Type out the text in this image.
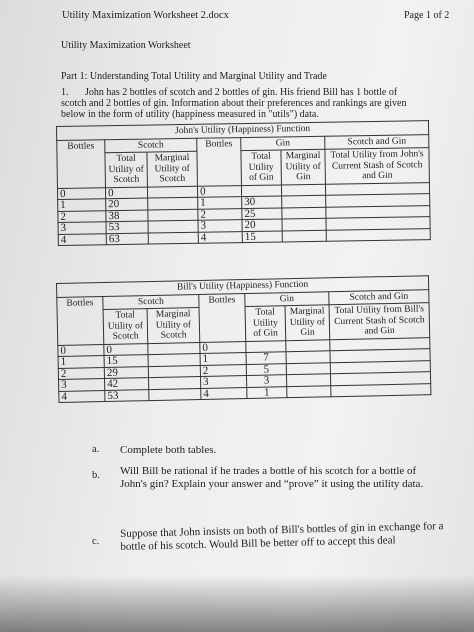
Utility Maximization Worksheet 2.docx	Page 1 of 2
Utility Maximization Worksheet
Part 1: Understanding Total Utility and Marginal Utility and Trade
1. John has 2 bottles of scotch and 2 bottles of gin. His friend Bill has 1 bottle of scotch and 2 bottles of gin. Information about their preferences and rankings are given below in the form of utility (happiness measured in "utils") data.
John's Utility (Happiness) Function						
Bottles	Scotch		Bottles	Gin		Scotch and Gin
	Total Utility of Scotch	Marginal Utility of Scotch		Total Utility of Gin	Marginal Utility of Gin	Total Utility from John's Current Stash of Scotch and Gin
0	0		0			
1	20		1	30		
2	38		2	25		
3	53		3	20		
4	63		4	15		
Bill's Utility (Happiness) Function						
Bottles	Scotch		Bottles	Gin		Scotch and Gin
	Total Utility of Scotch	Marginal Utility of Scotch		Total Utility of Gin	Marginal Utility of Gin	Total Utility from Bill's Current Stash of Scotch and Gin
0	0		0			
1	15		1	7		
2	29		2	5		
3	42		3	3		
4	53		4	1		
a. Complete both tables.
b. Will Bill be rational if he trades a bottle of his scotch for a bottle of John's gin? Explain your answer and “prove” it using the utility data.
c.
Suppose that John insists on both of Bill's bottles of gin in exchange for a bottle of his scotch. Would Bill be better off to accept this deal
